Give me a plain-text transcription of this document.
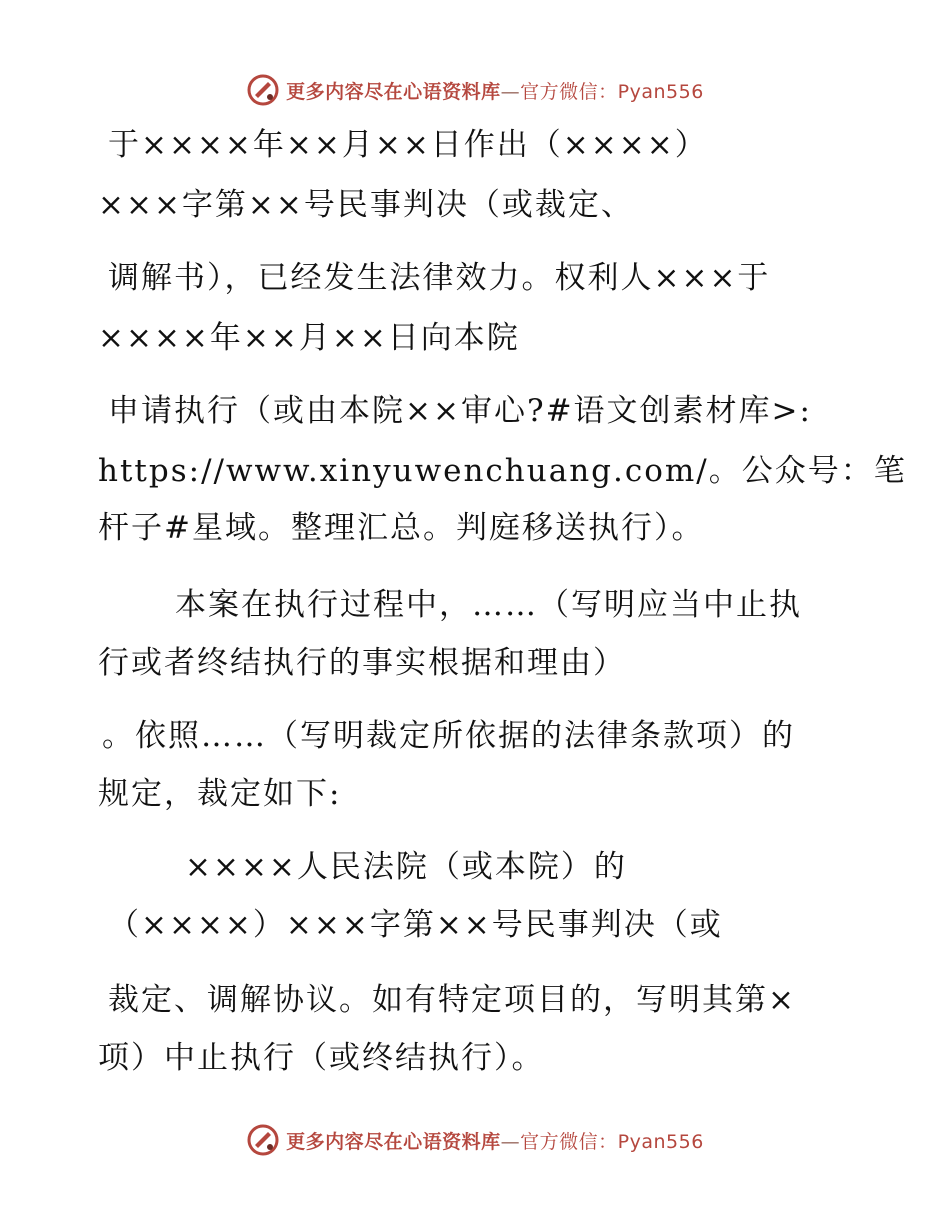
更多内容尽在心语资料库—官方微信：Pyan556
于××××年××月××日作出（××××）
×××字第××号民事判决（或裁定、
调解书），已经发生法律效力。权利人×××于
××××年××月××日向本院
申请执行（或由本院××审心?#语文创素材库>:
https://www.xinyuwenchuang.com/。公众号：笔
杆子#星域。整理汇总。判庭移送执行）。
本案在执行过程中，……（写明应当中止执
行或者终结执行的事实根据和理由）
。依照……（写明裁定所依据的法律条款项）的
规定，裁定如下:
××××人民法院（或本院）的
（××××）×××字第××号民事判决（或
裁定、调解协议。如有特定项目的，写明其第×
项）中止执行（或终结执行）。
更多内容尽在心语资料库—官方微信：Pyan556
